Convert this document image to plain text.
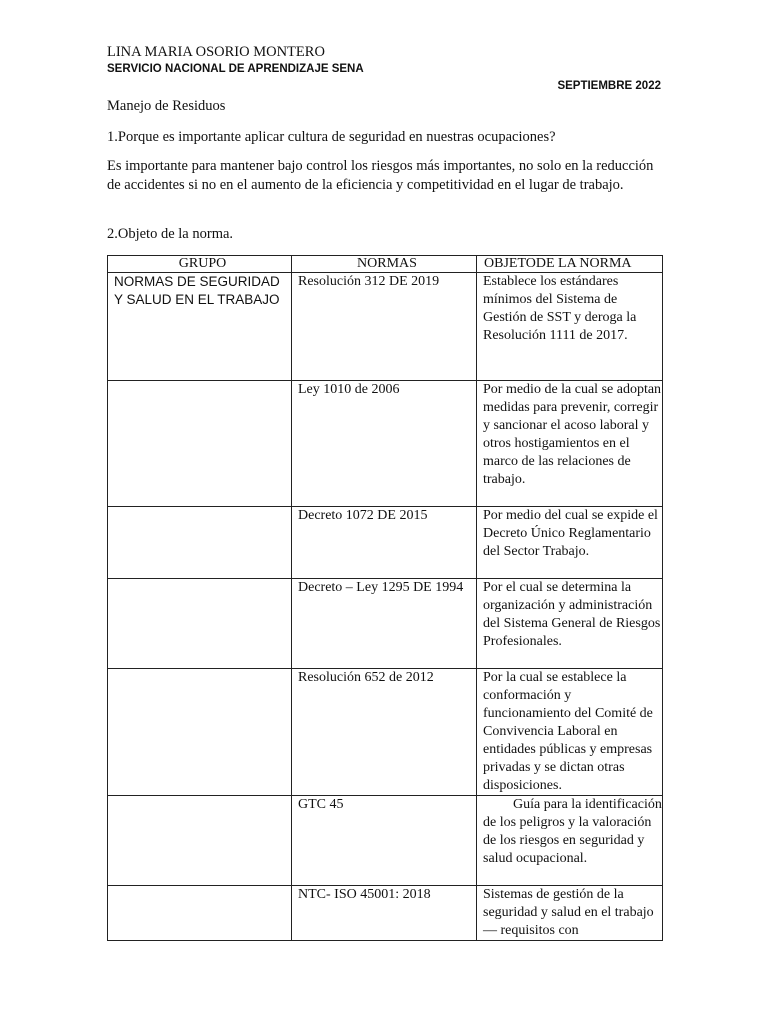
LINA MARIA OSORIO MONTERO
SERVICIO NACIONAL DE APRENDIZAJE SENA
SEPTIEMBRE 2022
Manejo de Residuos
1.Porque es importante aplicar cultura de seguridad en nuestras ocupaciones?
Es importante para mantener bajo control los riesgos más importantes, no solo en la reducción de accidentes si no en el aumento de la eficiencia y competitividad en el lugar de trabajo.
2.Objeto de la norma.
GRUPO	NORMAS	OBJETODE LA NORMA
NORMAS DE SEGURIDAD Y SALUD EN EL TRABAJO	Resolución 312 DE 2019	Establece los estándares mínimos del Sistema de Gestión de SST y deroga la Resolución 1111 de 2017.
	Ley 1010 de 2006	Por medio de la cual se adoptan medidas para prevenir, corregir y sancionar el acoso laboral y otros hostigamientos en el marco de las relaciones de trabajo.
	Decreto 1072 DE 2015	Por medio del cual se expide el Decreto Único Reglamentario del Sector Trabajo.
	Decreto – Ley 1295 DE 1994	Por el cual se determina la organización y administración del Sistema General de Riesgos Profesionales.
	Resolución 652 de 2012	Por la cual se establece la conformación y funcionamiento del Comité de Convivencia Laboral en entidades públicas y empresas privadas y se dictan otras disposiciones.
	GTC 45	Guía para la identificación de los peligros y la valoración de los riesgos en seguridad y salud ocupacional.
	NTC- ISO 45001: 2018	Sistemas de gestión de la seguridad y salud en el trabajo — requisitos con
